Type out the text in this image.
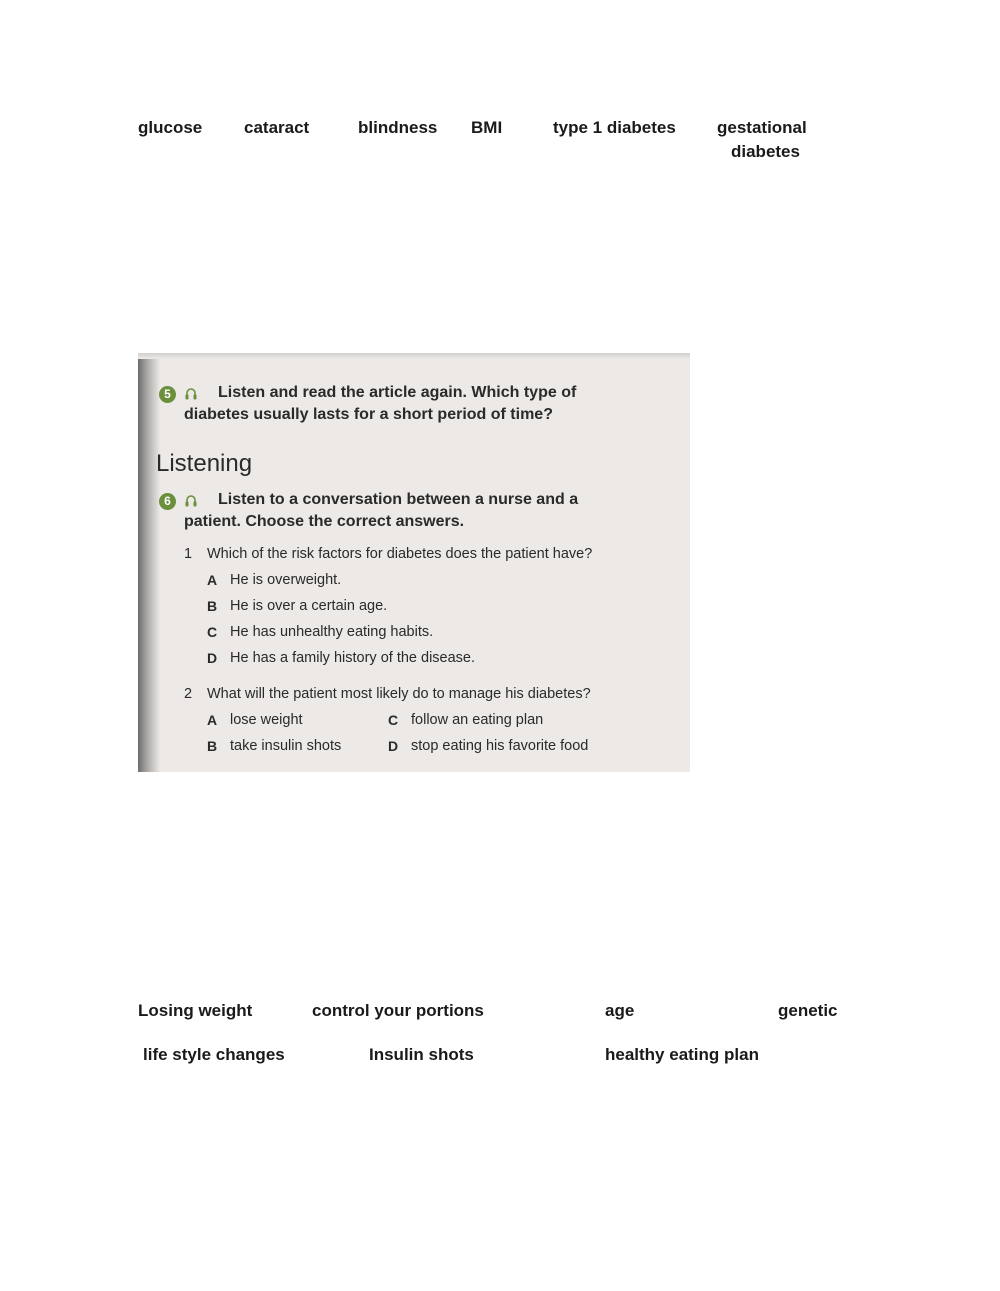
glucose cataract	blindness BMI	type 1 diabetes gestational
diabetes
5	Listen and read the article again. Which type of
diabetes usually lasts for a short period of time?
Listening
6	Listen to a conversation between a nurse and a
patient. Choose the correct answers.
1 Which of the risk factors for diabetes does the patient have?
A He is overweight.
B He is over a certain age.
C He has unhealthy eating habits.
D He has a family history of the disease.
2 What will the patient most likely do to manage his diabetes?
A lose weight	C follow an eating plan
B take insulin shots	D stop eating his favorite food
Losing weight	control your portions	age	genetic
life style changes	Insulin shots	healthy eating plan
